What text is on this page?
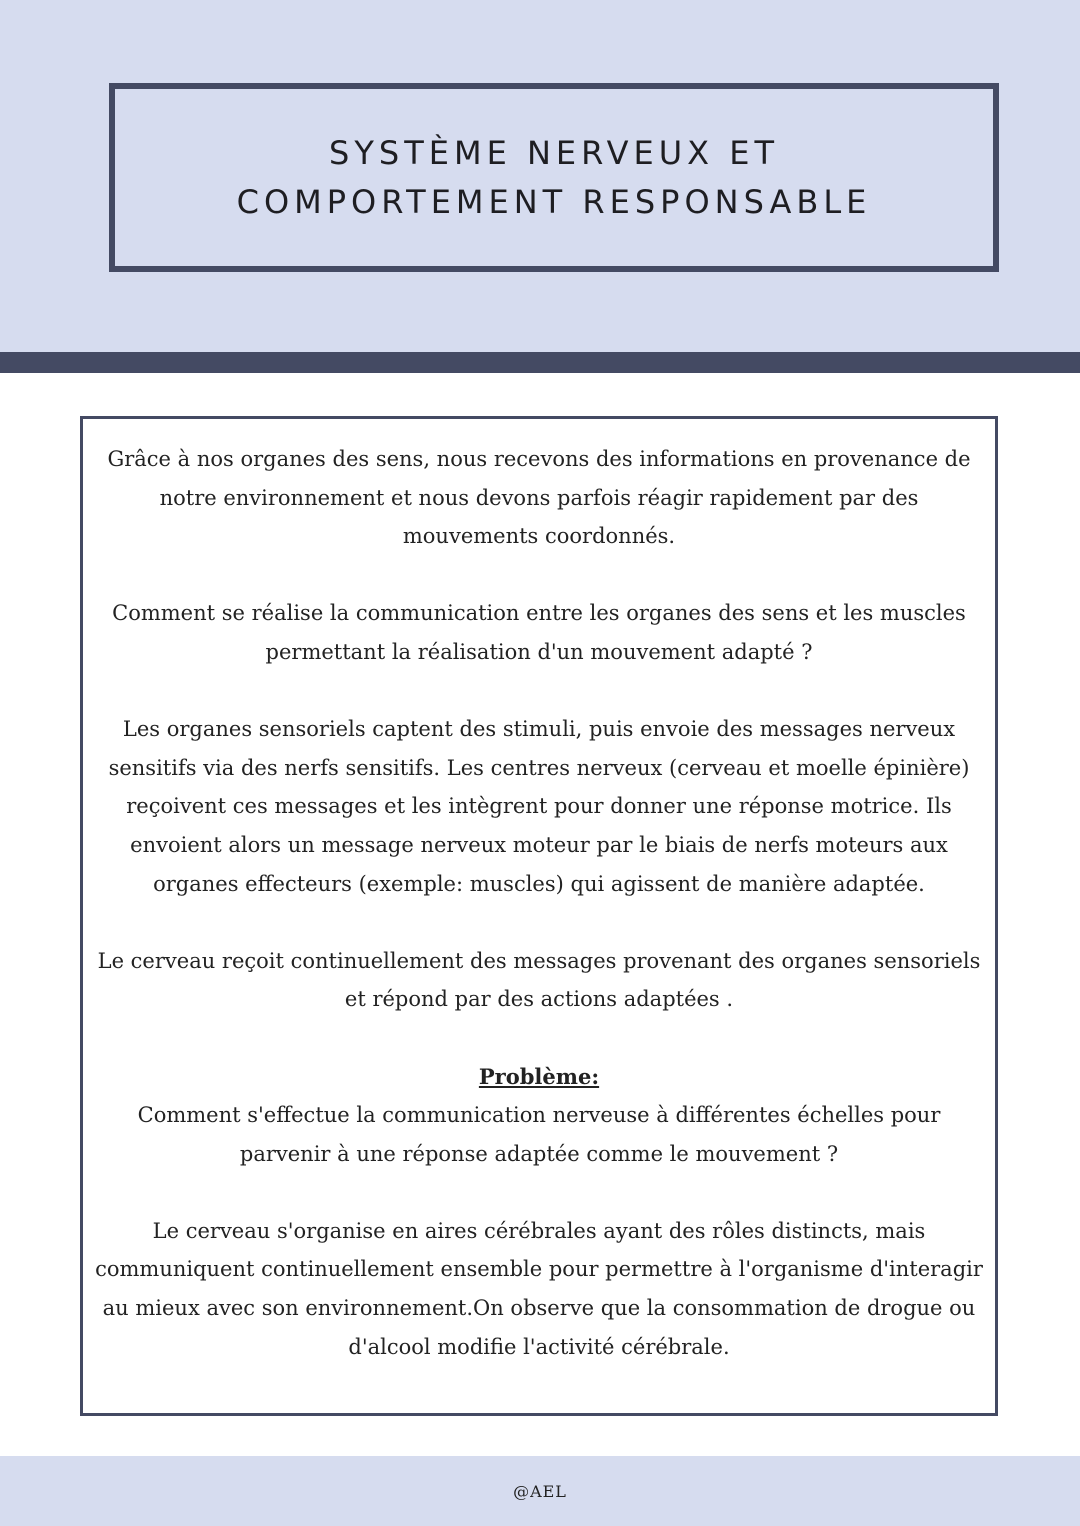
SYSTÈME NERVEUX ET
COMPORTEMENT RESPONSABLE

Grâce à nos organes des sens, nous recevons des informations en provenance de notre environnement et nous devons parfois réagir rapidement par des mouvements coordonnés.

Comment se réalise la communication entre les organes des sens et les muscles permettant la réalisation d'un mouvement adapté ?

Les organes sensoriels captent des stimuli, puis envoie des messages nerveux sensitifs via des nerfs sensitifs. Les centres nerveux (cerveau et moelle épinière) reçoivent ces messages et les intègrent pour donner une réponse motrice. Ils envoient alors un message nerveux moteur par le biais de nerfs moteurs aux organes effecteurs (exemple: muscles) qui agissent de manière adaptée.

Le cerveau reçoit continuellement des messages provenant des organes sensoriels et répond par des actions adaptées .

Problème:
Comment s'effectue la communication nerveuse à différentes échelles pour parvenir à une réponse adaptée comme le mouvement ?

Le cerveau s'organise en aires cérébrales ayant des rôles distincts, mais communiquent continuellement ensemble pour permettre à l'organisme d'interagir au mieux avec son environnement.On observe que la consommation de drogue ou d'alcool modifie l'activité cérébrale.

@AEL
